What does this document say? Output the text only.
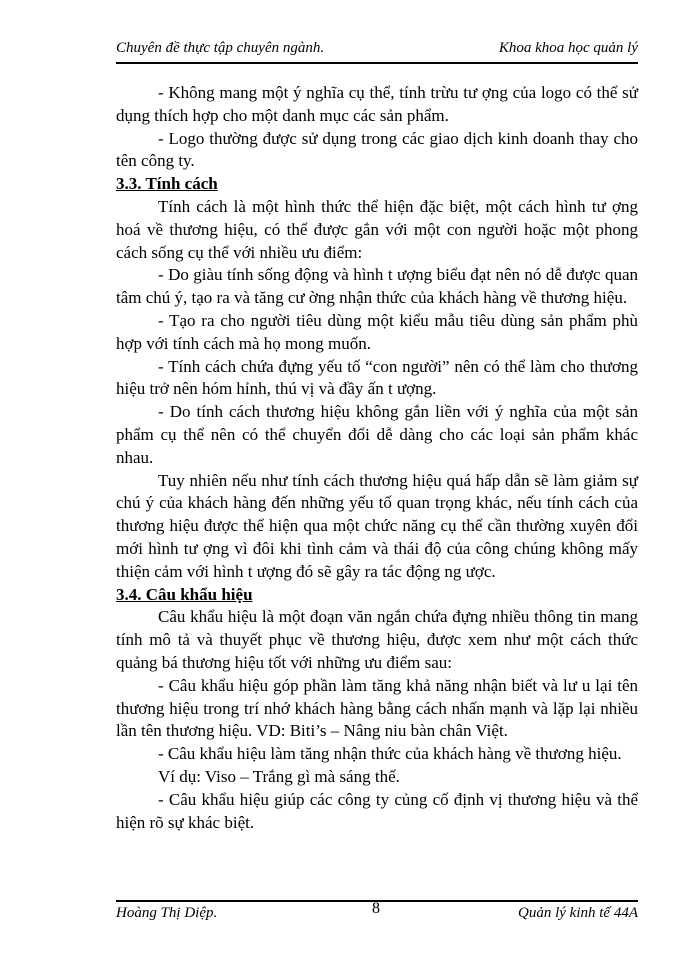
Chuyên đề thực tập chuyên ngành.	Khoa khoa học quản lý

- Không mang một ý nghĩa cụ thể, tính trừu tư ợng của logo có thể sử dụng thích hợp cho một danh mục các sản phẩm.

- Logo thường được sử dụng trong các giao dịch kinh doanh thay cho tên công ty.

3.3. Tính cách

Tính cách là một hình thức thể hiện đặc biệt, một cách hình tư ợng hoá về thương hiệu, có thể được gắn với một con người hoặc một phong cách sống cụ thể với nhiều ưu điểm:

- Do giàu tính sống động và hình t ượng biểu đạt nên nó dễ được quan tâm chú ý, tạo ra và tăng cư ờng nhận thức của khách hàng về thương hiệu.

- Tạo ra cho người tiêu dùng một kiểu mẫu tiêu dùng sản phẩm phù hợp với tính cách mà họ mong muốn.

- Tính cách chứa đựng yếu tố “con người” nên có thể làm cho thương hiệu trở nên hóm hỉnh, thú vị và đầy ấn t ượng.

- Do tính cách thương hiệu không gắn liền với ý nghĩa của một sản phẩm cụ thể nên có thể chuyển đổi dễ dàng cho các loại sản phẩm khác nhau.

Tuy nhiên nếu như tính cách thương hiệu quá hấp dẫn sẽ làm giảm sự chú ý của khách hàng đến những yếu tố quan trọng khác, nếu tính cách của thương hiệu được thể hiện qua một chức năng cụ thể cần thường xuyên đổi mới hình tư ợng vì đôi khi tình cảm và thái độ của công chúng không mấy thiện cảm với hình t ượng đó sẽ gây ra tác động ng ược.

3.4. Câu khẩu hiệu

Câu khẩu hiệu là một đoạn văn ngắn chứa đựng nhiều thông tin mang tính mô tả và thuyết phục về thương hiệu, được xem như một cách thức quảng bá thương hiệu tốt với những ưu điểm sau:

- Câu khẩu hiệu góp phần làm tăng khả năng nhận biết và lư u lại tên thương hiệu trong trí nhớ khách hàng bằng cách nhấn mạnh và lặp lại nhiều lần tên thương hiệu. VD: Biti’s – Nâng niu bàn chân Việt.

- Câu khẩu hiệu làm tăng nhận thức của khách hàng về thương hiệu.

Ví dụ: Viso – Trắng gì mà sáng thế.

- Câu khẩu hiệu giúp các công ty củng cố định vị thương hiệu và thể hiện rõ sự khác biệt.

Hoàng Thị Diệp.	8	Quản lý kinh tế 44A
